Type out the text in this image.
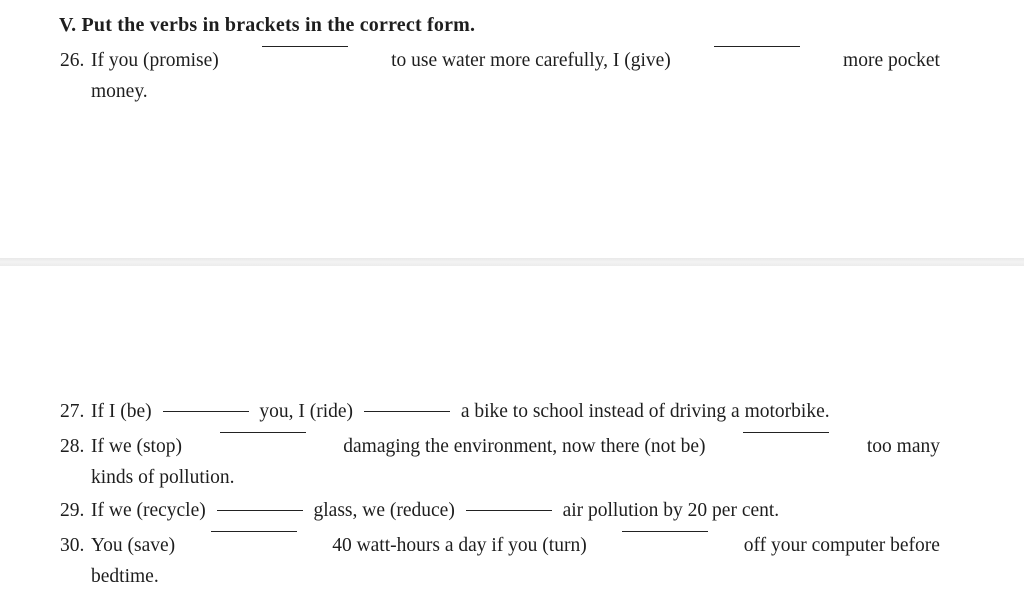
V. Put the verbs in brackets in the correct form.
26. If you (promise)	to use water more carefully, I (give)	more pocket
money.
27. If I (be)	you, I (ride)	a bike to school instead of driving a motorbike.
28. If we (stop)	damaging the environment, now there (not be)	too many
kinds of pollution.
29. If we (recycle)	glass, we (reduce)	air pollution by 20 per cent.
30. You (save)	40 watt-hours a day if you (turn)	off your computer before
bedtime.
